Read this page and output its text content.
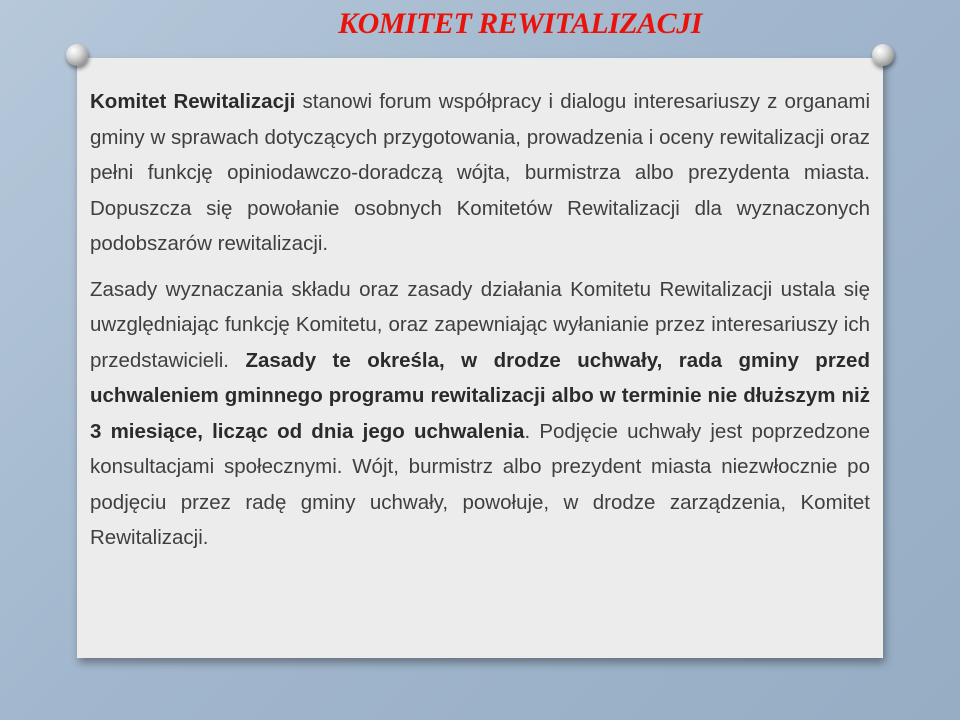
KOMITET REWITALIZACJI

Komitet Rewitalizacji stanowi forum współpracy i dialogu interesariuszy z organami gminy w sprawach dotyczących przygotowania, prowadzenia i oceny rewitalizacji oraz pełni funkcję opiniodawczo-doradczą wójta, burmistrza albo prezydenta miasta. Dopuszcza się powołanie osobnych Komitetów Rewitalizacji dla wyznaczonych podobszarów rewitalizacji.

Zasady wyznaczania składu oraz zasady działania Komitetu Rewitalizacji ustala się uwzględniając funkcję Komitetu, oraz zapewniając wyłanianie przez interesariuszy ich przedstawicieli. Zasady te określa, w drodze uchwały, rada gminy przed uchwaleniem gminnego programu rewitalizacji albo w terminie nie dłuższym niż 3 miesiące, licząc od dnia jego uchwalenia. Podjęcie uchwały jest poprzedzone konsultacjami społecznymi. Wójt, burmistrz albo prezydent miasta niezwłocznie po podjęciu przez radę gminy uchwały, powołuje, w drodze zarządzenia, Komitet Rewitalizacji.
